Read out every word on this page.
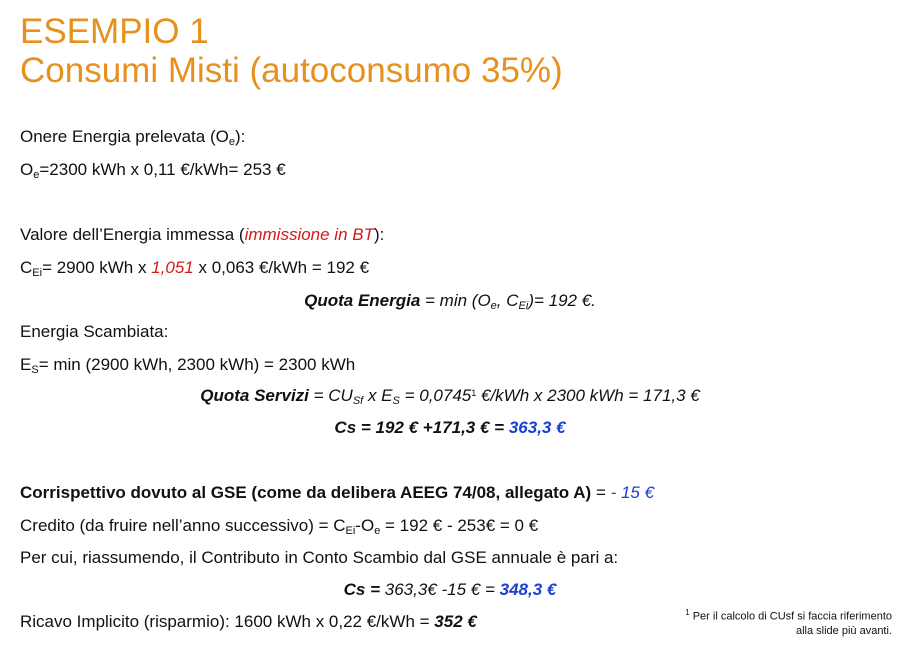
ESEMPIO 1
Consumi Misti (autoconsumo 35%)
Onere Energia prelevata $(O_e)$:
$O_e=2300$ kWh x 0,11 €/kWh= 253 €
Valore dell’Energia immessa (immissione in BT):
$C_{Ei}= 2900$ kWh x 1,051 x 0,063 €/kWh = 192 €
Quota Energia = $\min (O_e$, $C_{Ei})= 192$ €.
Energia Scambiata:
$E_S= \min (2900$ kWh, 2300 kWh) = 2300 kWh
Quota Servizi = $CU_{Sf}$ x $E_S = 0,0745^1$ €/kWh x 2300 kWh = 171,3 €
Cs = 192 € +171,3 € = 363,3 €
Corrispettivo dovuto al GSE (come da delibera AEEG 74/08, allegato A) = - 15 €
Credito (da fruire nell’anno successivo) = $C_{Ei}-O_e = 192$ € - 253€ = 0 €
Per cui, riassumendo, il Contributo in Conto Scambio dal GSE annuale è pari a:
Cs = 363,3€ -15 € = 348,3 €
Ricavo Implicito (risparmio): 1600 kWh x 0,22 €/kWh = 352 €	$^1$ Per il calcolo di CUsf si faccia riferimento
alla slide più avanti.
